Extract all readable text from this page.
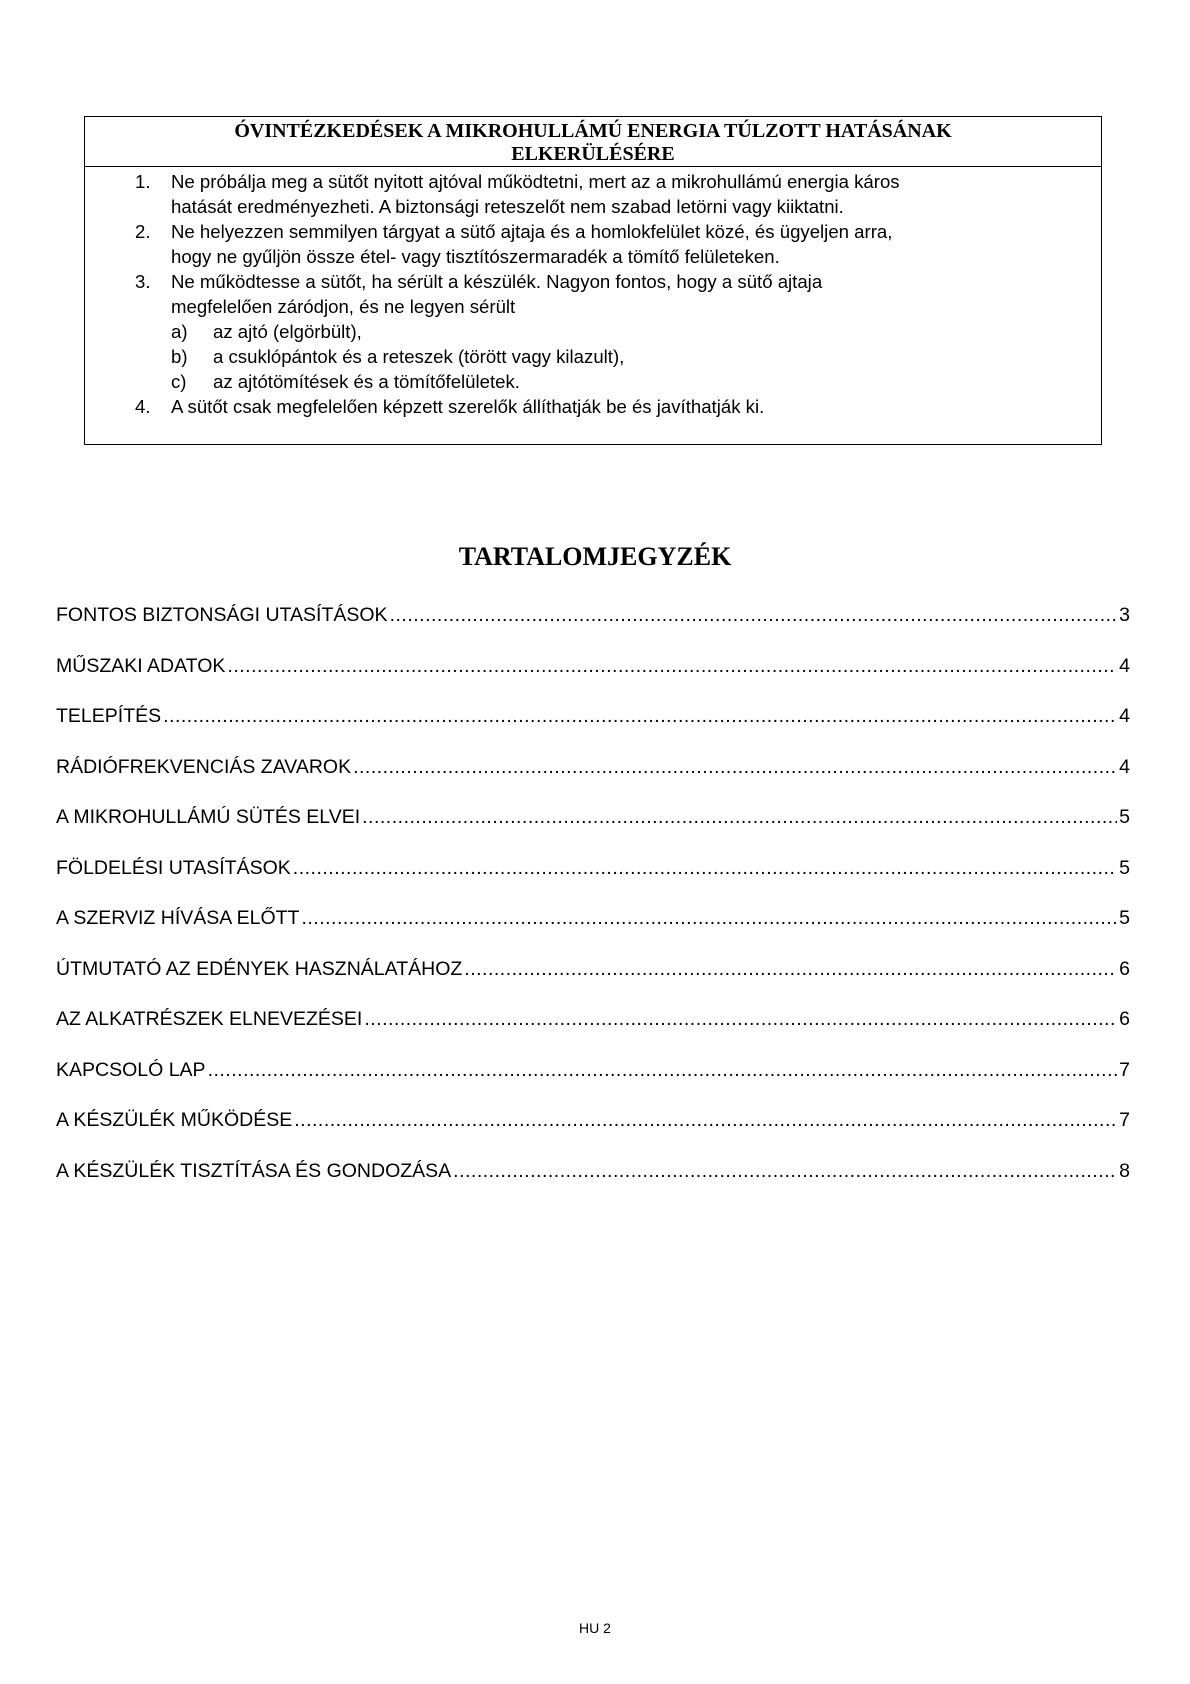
ÓVINTÉZKEDÉSEK A MIKROHULLÁMÚ ENERGIA TÚLZOTT HATÁSÁNAK
ELKERÜLÉSÉRE
1. Ne próbálja meg a sütőt nyitott ajtóval működtetni, mert az a mikrohullámú energia káros
hatását eredményezheti. A biztonsági reteszelőt nem szabad letörni vagy kiiktatni.
2. Ne helyezzen semmilyen tárgyat a sütő ajtaja és a homlokfelület közé, és ügyeljen arra,
hogy ne gyűljön össze étel- vagy tisztítószermaradék a tömítő felületeken.
3. Ne működtesse a sütőt, ha sérült a készülék. Nagyon fontos, hogy a sütő ajtaja
megfelelően záródjon, és ne legyen sérült
a)	az ajtó (elgörbült),
b)	a csuklópántok és a reteszek (törött vagy kilazult),
c)	az ajtótömítések és a tömítőfelületek.
4. A sütőt csak megfelelően képzett szerelők állíthatják be és javíthatják ki.
TARTALOMJEGYZÉK
FONTOS BIZTONSÁGI UTASÍTÁSOK .....	3
MŰSZAKI ADATOK .....	4
TELEPÍTÉS .....	4
RÁDIÓFREKVENCIÁS ZAVAROK .....	4
A MIKROHULLÁMÚ SÜTÉS ELVEI .....	5
FÖLDELÉSI UTASÍTÁSOK .....	5
A SZERVIZ HÍVÁSA ELŐTT .....	5
ÚTMUTATÓ AZ EDÉNYEK HASZNÁLATÁHOZ .....	6
AZ ALKATRÉSZEK ELNEVEZÉSEI .....	6
KAPCSOLÓ LAP .....	7
A KÉSZÜLÉK MŰKÖDÉSE .....	7
A KÉSZÜLÉK TISZTÍTÁSA ÉS GONDOZÁSA .....	8
HU 2
